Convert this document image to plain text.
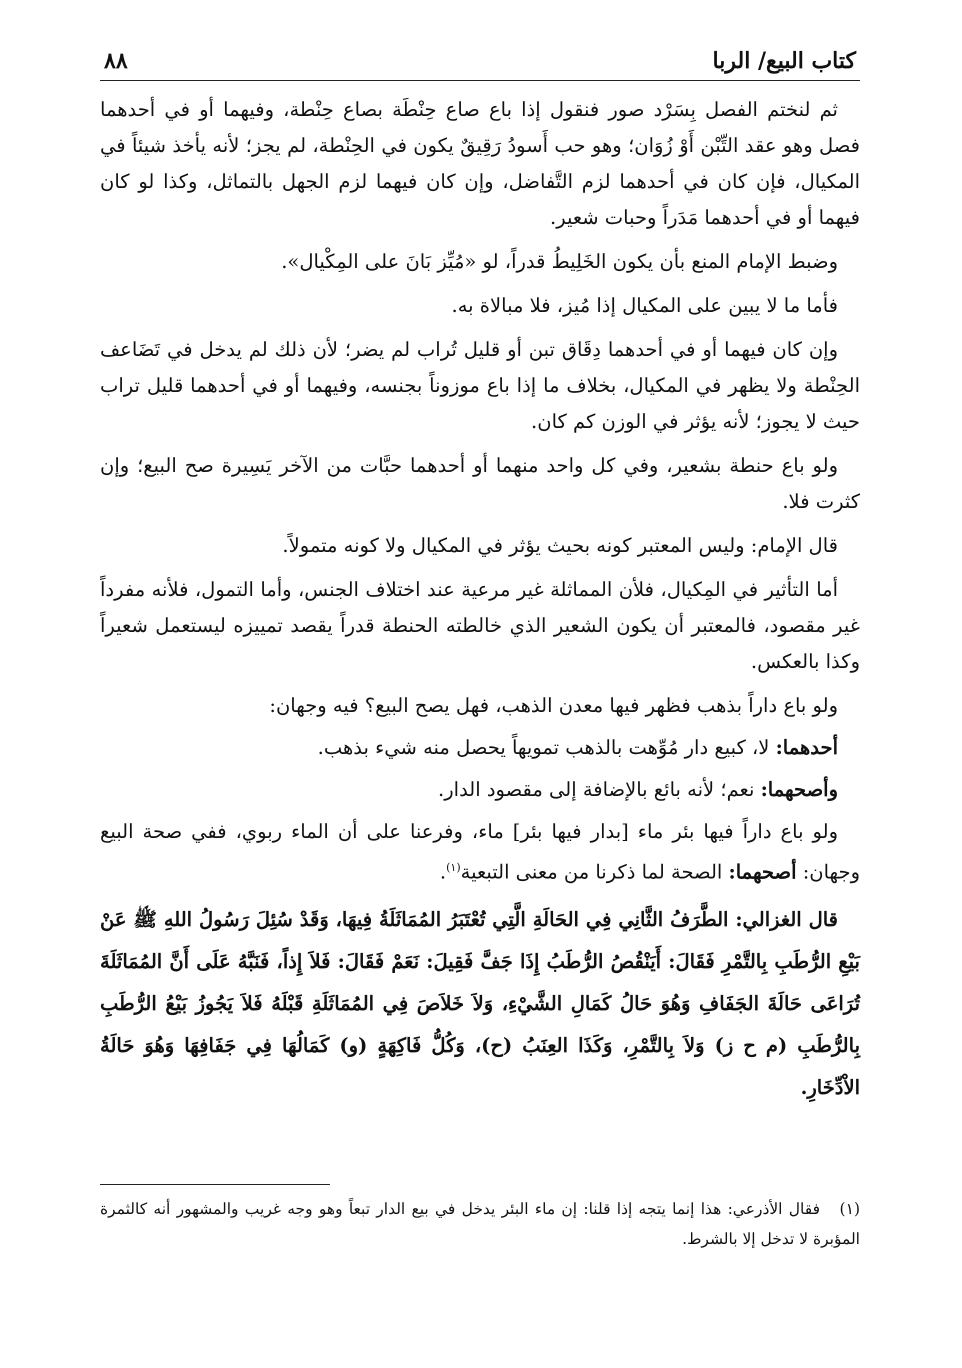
كتاب البيع/ الربا
٨٨

ثم لنختم الفصل بِسَرْد صور فنقول إذا باع صاع حِنْطَة بصاع حِنْطة، وفيهما أو في أحدهما فصل وهو عقد التِّبْن أَوْ زُوَان؛ وهو حب أَسودُ رَقِيقٌ يكون في الحِنْطة، لم يجز؛ لأنه يأخذ شيئاً في المكيال، فإن كان في أحدهما لزم التَّفاضل، وإن كان فيهما لزم الجهل بالتماثل، وكذا لو كان فيهما أو في أحدهما مَدَراً وحبات شعير.

وضبط الإمام المنع بأن يكون الخَلِيطُ قدراً، لو «مُيِّز بَانَ على المِكْيال».

فأما ما لا يبين على المكيال إذا مُيز، فلا مبالاة به.

وإن كان فيهما أو في أحدهما دِقَاق تبن أو قليل تُراب لم يضر؛ لأن ذلك لم يدخل في تَضَاعف الحِنْطة ولا يظهر في المكيال، بخلاف ما إذا باع موزوناً بجنسه، وفيهما أو في أحدهما قليل تراب حيث لا يجوز؛ لأنه يؤثر في الوزن كم كان.

ولو باع حنطة بشعير، وفي كل واحد منهما أو أحدهما حبَّات من الآخر يَسِيرة صح البيع؛ وإن كثرت فلا.

قال الإمام: وليس المعتبر كونه بحيث يؤثر في المكيال ولا كونه متمولاً.

أما التأثير في المِكيال، فلأن المماثلة غير مرعية عند اختلاف الجنس، وأما التمول، فلأنه مفرداً غير مقصود، فالمعتبر أن يكون الشعير الذي خالطته الحنطة قدراً يقصد تمييزه ليستعمل شعيراً وكذا بالعكس.

ولو باع داراً بذهب فظهر فيها معدن الذهب، فهل يصح البيع؟ فيه وجهان:

أحدهما: لا، كبيع دار مُوِّهت بالذهب تمويهاً يحصل منه شيء بذهب.

وأصحهما: نعم؛ لأنه بائع بالإضافة إلى مقصود الدار.

ولو باع داراً فيها بئر ماء [بدار فيها بئر] ماء، وفرعنا على أن الماء ربوي، ففي صحة البيع وجهان: أصحهما: الصحة لما ذكرنا من معنى التبعية$^{(١)}$.

قال الغزالي: الطَّرَفُ الثَّانِي فِي الحَالَةِ الَّتِي تُعْتَبَرُ المُمَاثَلَةُ فِيهَا، وَقَدْ سُئِلَ رَسُولُ اللهِ ﷺ عَنْ بَيْعِ الرُّطَبِ بِالتَّمْرِ فَقَالَ: أَيَنْقُصُ الرُّطَبُ إِذَا جَفَّ فَقِيلَ: نَعَمْ فَقَالَ: فَلاَ إِذاً، فَنَبَّهُ عَلَى أَنَّ المُمَاثَلَةَ تُرَاعَى حَالَةَ الجَفَافِ وَهُوَ حَالُ كَمَالِ الشَّيْءِ، وَلاَ خَلاَصَ فِي المُمَاثَلَةِ قَبْلَهُ فَلاَ يَجُوزُ بَيْعُ الرُّطَبِ بِالرُّطَبِ (م ح ز) وَلاَ بِالتَّمْرِ، وَكَذَا العِنَبُ (ح)، وَكُلُّ فَاكِهَةٍ (و) كَمَالُهَا فِي جَفَافِهَا وَهُوَ حَالَةُ الاْدِّخَارِ.

(١)فقال الأذرعي: هذا إنما يتجه إذا قلنا: إن ماء البئر يدخل في بيع الدار تبعاً وهو وجه غريب والمشهور أنه كالثمرة المؤبرة لا تدخل إلا بالشرط.
